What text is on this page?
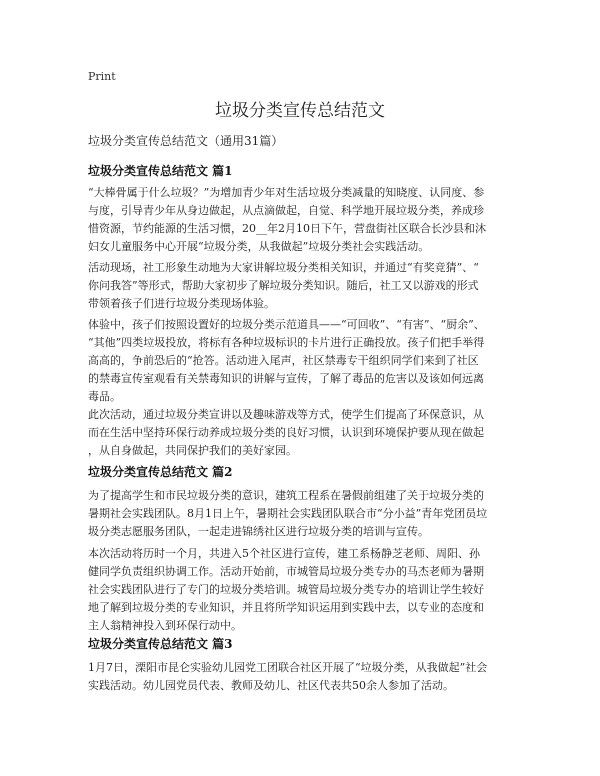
Print
垃圾分类宣传总结范文

垃圾分类宣传总结范文（通用31篇）

垃圾分类宣传总结范文 篇1

“大棒骨属于什么垃圾？”为增加青少年对生活垃圾分类减量的知晓度、认同度、参
与度，引导青少年从身边做起，从点滴做起，自觉、科学地开展垃圾分类，养成珍
惜资源，节约能源的生活习惯，20__年2月10日下午，营盘街社区联合长沙县和沐
妇女儿童服务中心开展“垃圾分类，从我做起”垃圾分类社会实践活动。

活动现场，社工形象生动地为大家讲解垃圾分类相关知识，并通过“有奖竞猜”、“
你问我答”等形式，帮助大家初步了解垃圾分类知识。随后，社工又以游戏的形式
带领着孩子们进行垃圾分类现场体验。

体验中，孩子们按照设置好的垃圾分类示范道具——“可回收”、“有害”、“厨余”、
“其他”四类垃圾投放，将标有各种垃圾标识的卡片进行正确投放。孩子们把手举得
高高的，争前恐后的“抢答。活动进入尾声，社区禁毒专干组织同学们来到了社区
的禁毒宣传室观看有关禁毒知识的讲解与宣传，了解了毒品的危害以及该如何远离
毒品。

此次活动，通过垃圾分类宣讲以及趣味游戏等方式，使学生们提高了环保意识，从
而在生活中坚持环保行动养成垃圾分类的良好习惯，认识到环境保护要从现在做起
，从自身做起，共同保护我们的美好家园。

垃圾分类宣传总结范文 篇2

为了提高学生和市民垃圾分类的意识，建筑工程系在暑假前组建了关于垃圾分类的
暑期社会实践团队。8月1日上午，暑期社会实践团队联合市“分小益”青年党团员垃
圾分类志愿服务团队，一起走进锦绣社区进行垃圾分类的培训与宣传。

本次活动将历时一个月，共进入5个社区进行宣传，建工系杨静芝老师、周阳、孙
健同学负责组织协调工作。活动开始前，市城管局垃圾分类专办的马杰老师为暑期
社会实践团队进行了专门的垃圾分类培训。城管局垃圾分类专办的培训让学生较好
地了解到垃圾分类的专业知识，并且将所学知识运用到实践中去，以专业的态度和
主人翁精神投入到环保行动中。

垃圾分类宣传总结范文 篇3

1月7日，溧阳市昆仑实验幼儿园党工团联合社区开展了“垃圾分类，从我做起”社会
实践活动。幼儿园党员代表、教师及幼儿、社区代表共50余人参加了活动。
